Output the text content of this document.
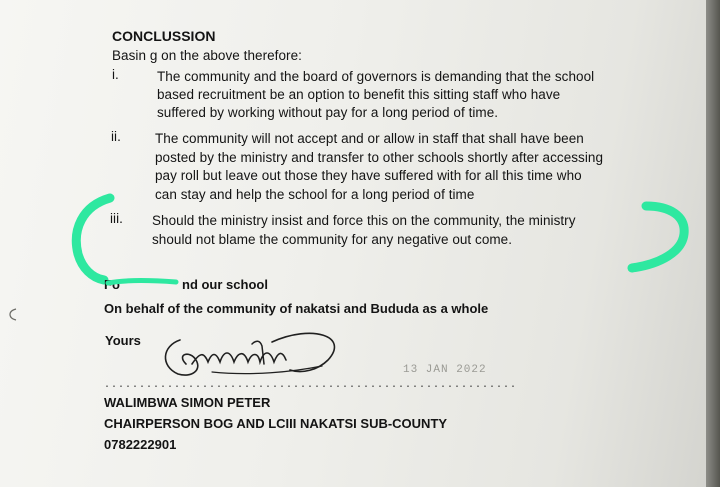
CONCLUSSION
Basin g on the above therefore:
i.	The community and the board of governors is demanding that the school
based recruitment be an option to benefit this sitting staff who have
suffered by working without pay for a long period of time.
ii.	The community will not accept and or allow in staff that shall have been
posted by the ministry and transfer to other schools shortly after accessing
pay roll but leave out those they have suffered with for all this time who
can stay and help the school for a long period of time
iii. Should the ministry insist and force this on the community, the ministry
should not blame the community for any negative out come.
Fo	nd our school
On behalf of the community of nakatsi and Bududa as a whole
Yours
13 JAN 2022
...........................................................
WALIMBWA SIMON PETER
CHAIRPERSON BOG AND LCIII NAKATSI SUB-COUNTY
0782222901
